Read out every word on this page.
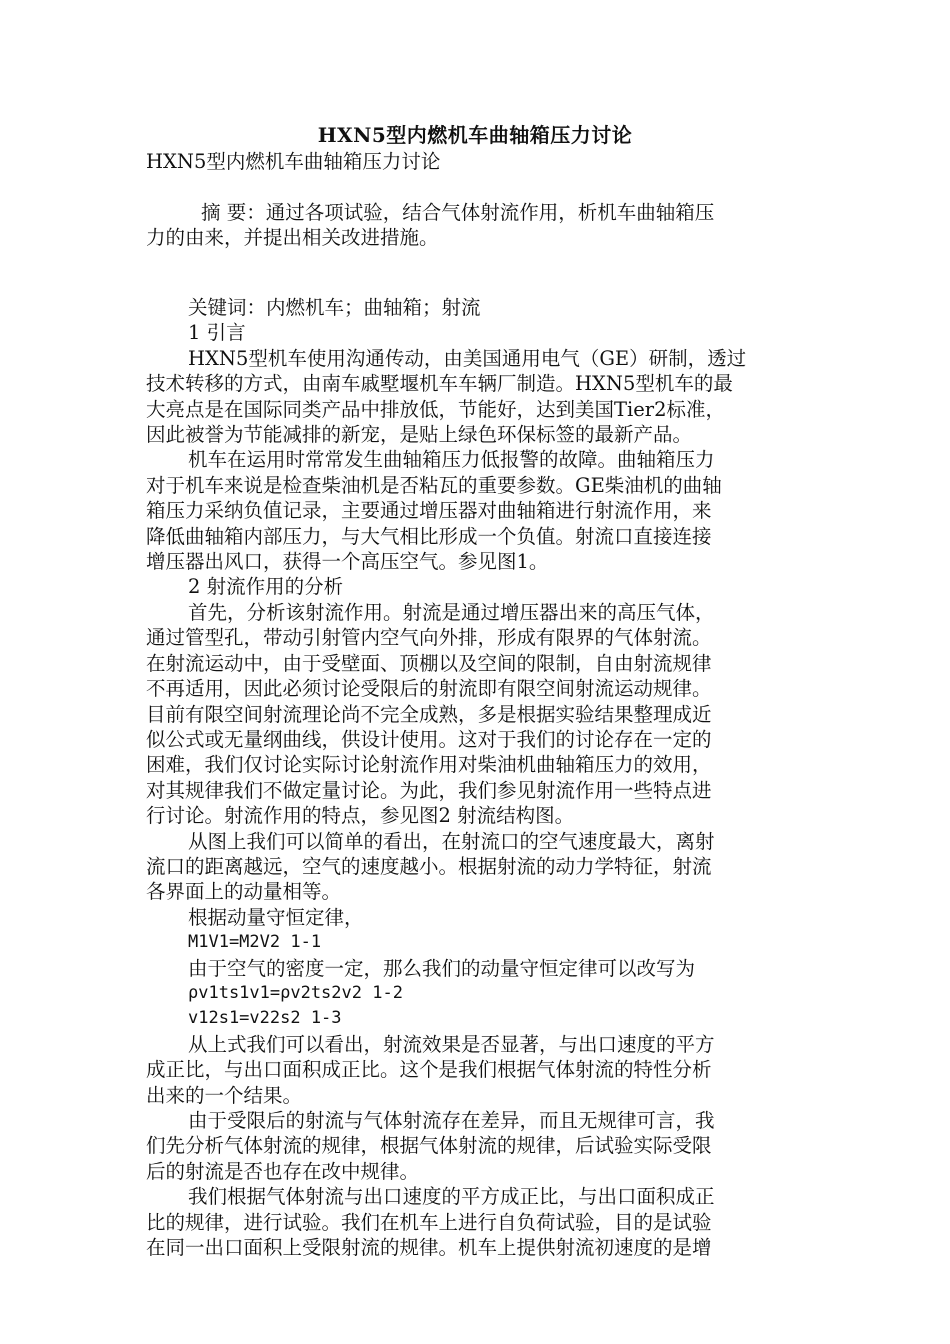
HXN5型内燃机车曲轴箱压力讨论
HXN5型内燃机车曲轴箱压力讨论
摘 要：通过各项试验，结合气体射流作用，析机车曲轴箱压
力的由来，并提出相关改进措施。
关键词：内燃机车；曲轴箱；射流
1 引言
HXN5型机车使用沟通传动，由美国通用电气（GE）研制，透过
技术转移的方式，由南车戚墅堰机车车辆厂制造。HXN5型机车的最
大亮点是在国际同类产品中排放低，节能好，达到美国Tier2标准，
因此被誉为节能减排的新宠，是贴上绿色环保标签的最新产品。
机车在运用时常常发生曲轴箱压力低报警的故障。曲轴箱压力
对于机车来说是检查柴油机是否粘瓦的重要参数。GE柴油机的曲轴
箱压力采纳负值记录，主要通过增压器对曲轴箱进行射流作用，来
降低曲轴箱内部压力，与大气相比形成一个负值。射流口直接连接
增压器出风口，获得一个高压空气。参见图1。
2 射流作用的分析
首先，分析该射流作用。射流是通过增压器出来的高压气体，
通过管型孔，带动引射管内空气向外排，形成有限界的气体射流。
在射流运动中，由于受壁面、顶棚以及空间的限制，自由射流规律
不再适用，因此必须讨论受限后的射流即有限空间射流运动规律。
目前有限空间射流理论尚不完全成熟，多是根据实验结果整理成近
似公式或无量纲曲线，供设计使用。这对于我们的讨论存在一定的
困难，我们仅讨论实际讨论射流作用对柴油机曲轴箱压力的效用，
对其规律我们不做定量讨论。为此，我们参见射流作用一些特点进
行讨论。射流作用的特点，参见图2 射流结构图。
从图上我们可以简单的看出，在射流口的空气速度最大，离射
流口的距离越远，空气的速度越小。根据射流的动力学特征，射流
各界面上的动量相等。
根据动量守恒定律，
M1V1=M2V2 1-1
由于空气的密度一定，那么我们的动量守恒定律可以改写为
ρv1ts1v1=ρv2ts2v2 1-2
v12s1=v22s2 1-3
从上式我们可以看出，射流效果是否显著，与出口速度的平方
成正比，与出口面积成正比。这个是我们根据气体射流的特性分析
出来的一个结果。
由于受限后的射流与气体射流存在差异，而且无规律可言，我
们先分析气体射流的规律，根据气体射流的规律，后试验实际受限
后的射流是否也存在改中规律。
我们根据气体射流与出口速度的平方成正比，与出口面积成正
比的规律，进行试验。我们在机车上进行自负荷试验，目的是试验
在同一出口面积上受限射流的规律。机车上提供射流初速度的是增
